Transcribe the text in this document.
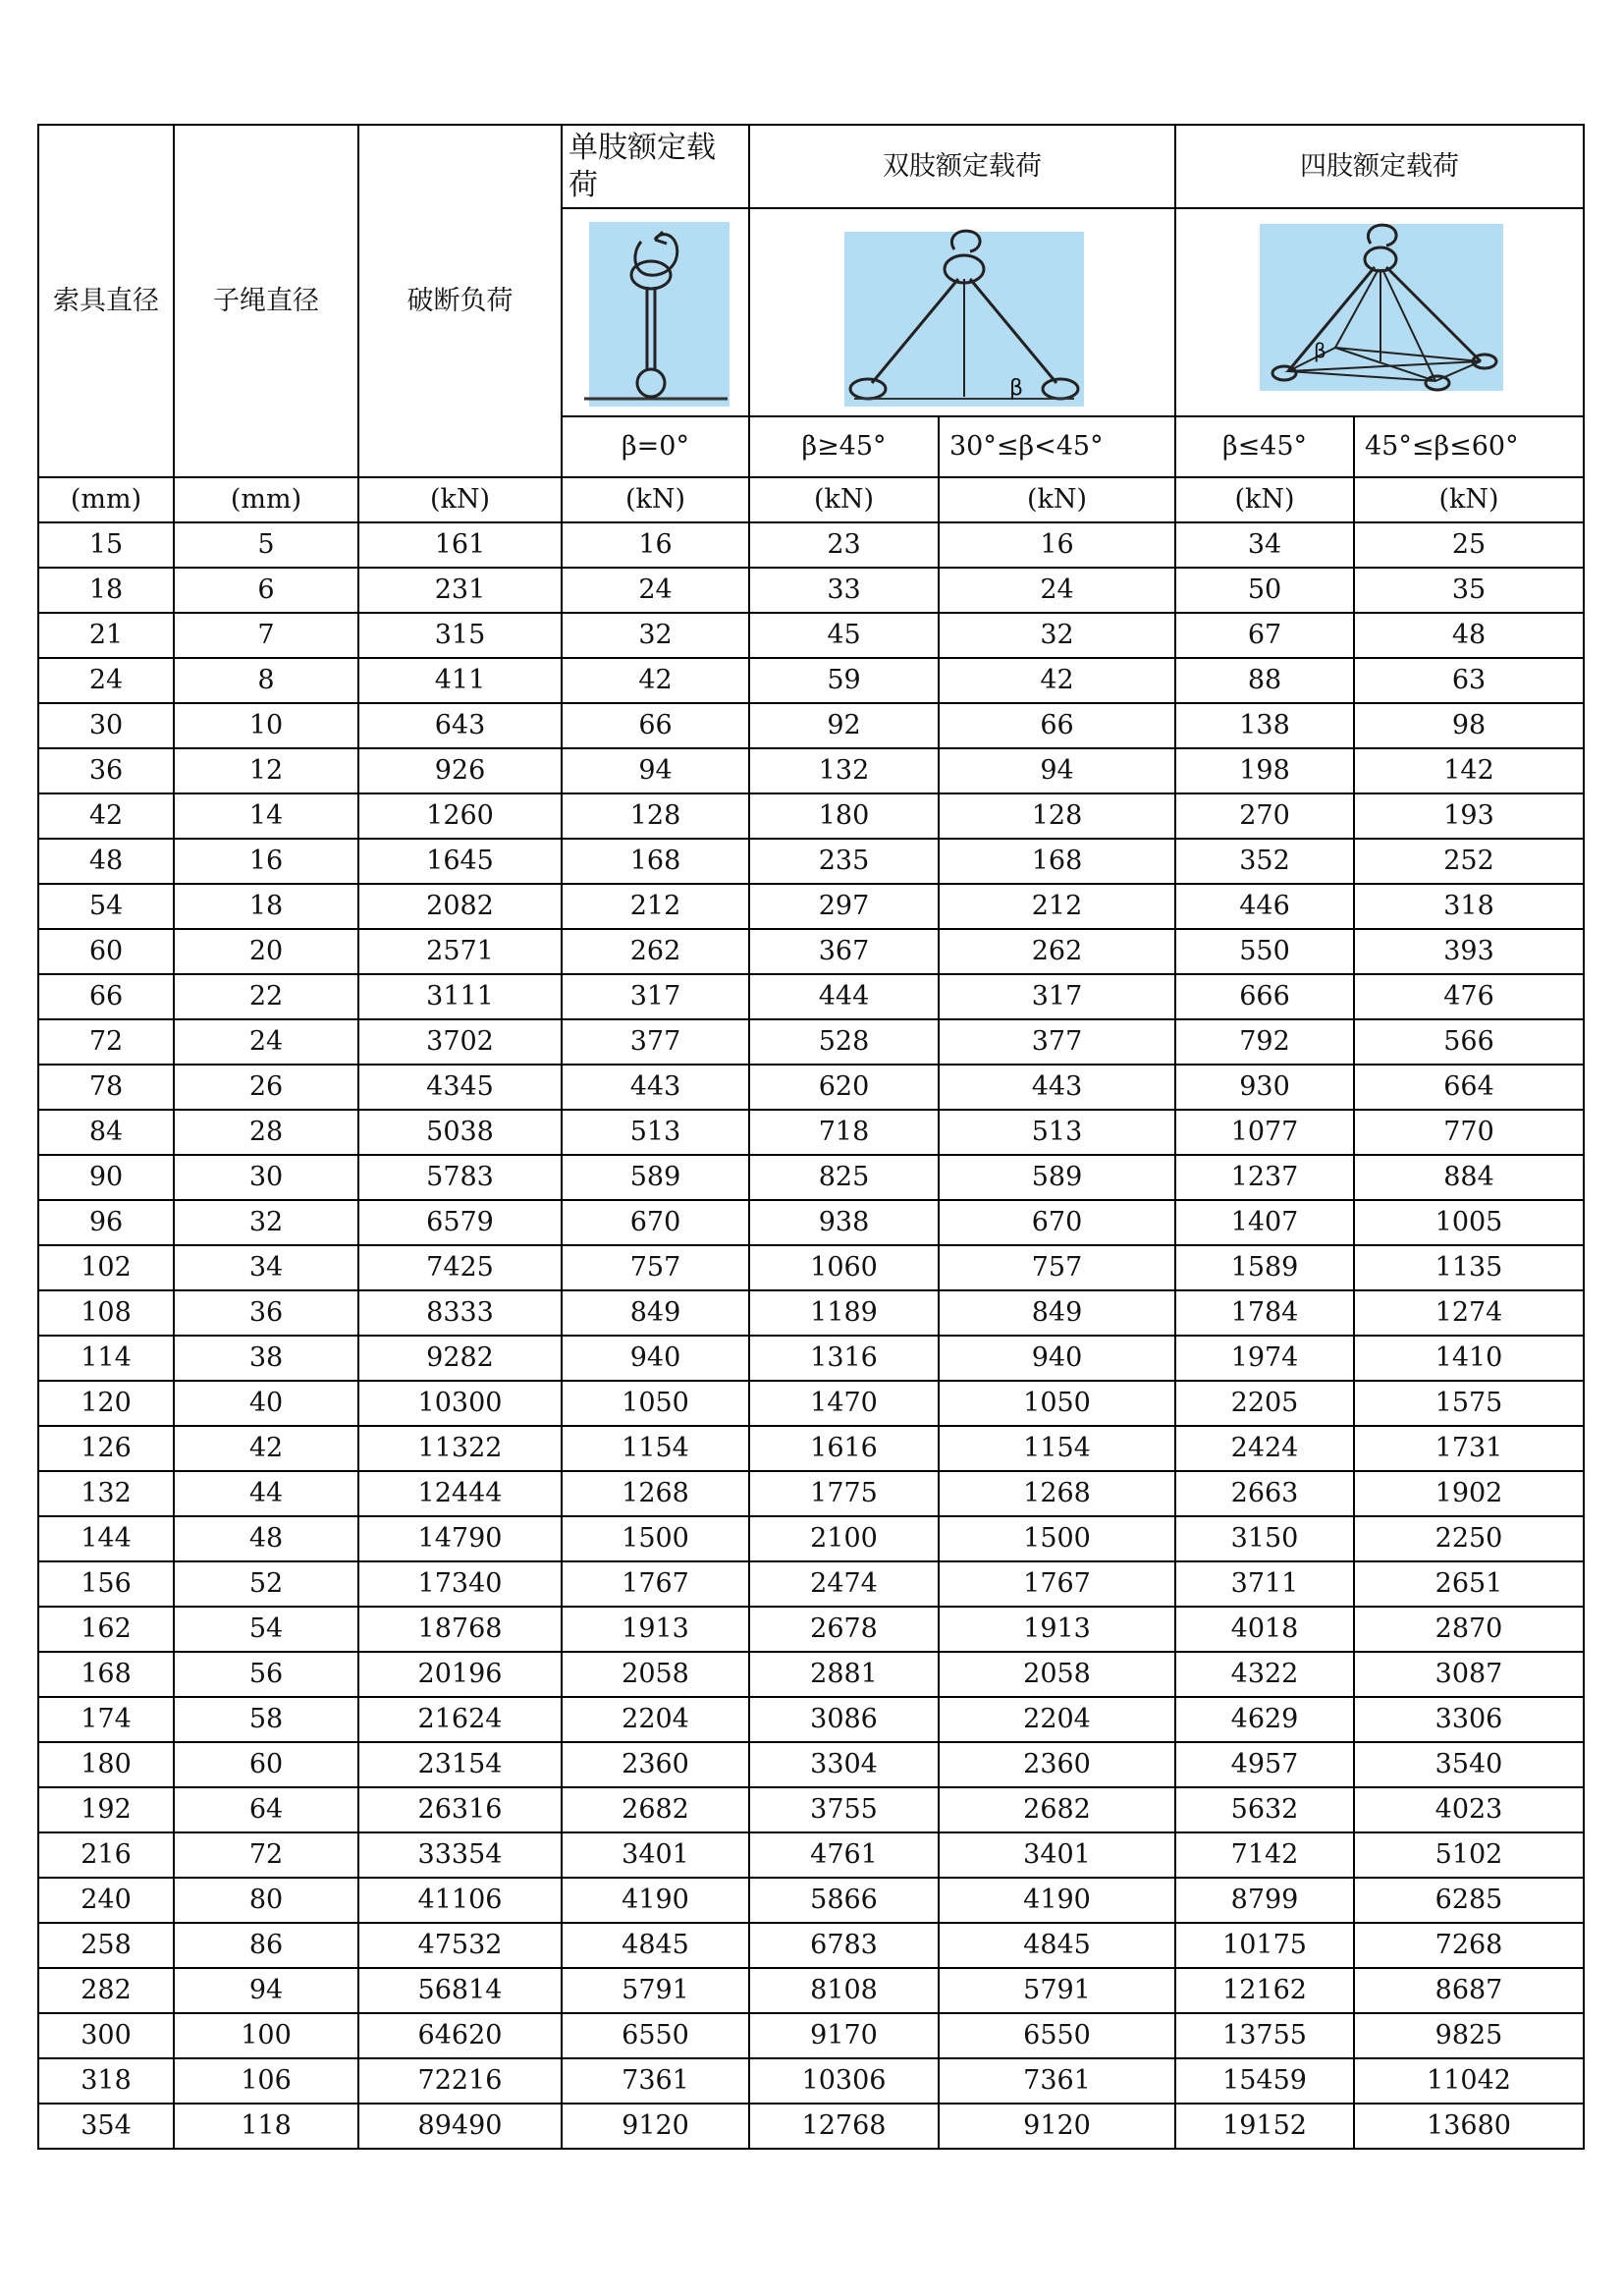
索具直径	子绳直径	破断负荷	单肢额定载荷	双肢额定载荷		四肢额定载荷	

β		β	

			β=0°	β≥45°	30°≤β<45°	β≤45°	45°≤β≤60°
(mm)	(mm)	(kN)	(kN)	(kN)	(kN)	(kN)	(kN)
15	5	161	16	23	16	34	25
18	6	231	24	33	24	50	35
21	7	315	32	45	32	67	48
24	8	411	42	59	42	88	63
30	10	643	66	92	66	138	98
36	12	926	94	132	94	198	142
42	14	1260	128	180	128	270	193
48	16	1645	168	235	168	352	252
54	18	2082	212	297	212	446	318
60	20	2571	262	367	262	550	393
66	22	3111	317	444	317	666	476
72	24	3702	377	528	377	792	566
78	26	4345	443	620	443	930	664
84	28	5038	513	718	513	1077	770
90	30	5783	589	825	589	1237	884
96	32	6579	670	938	670	1407	1005
102	34	7425	757	1060	757	1589	1135
108	36	8333	849	1189	849	1784	1274
114	38	9282	940	1316	940	1974	1410
120	40	10300	1050	1470	1050	2205	1575
126	42	11322	1154	1616	1154	2424	1731
132	44	12444	1268	1775	1268	2663	1902
144	48	14790	1500	2100	1500	3150	2250
156	52	17340	1767	2474	1767	3711	2651
162	54	18768	1913	2678	1913	4018	2870
168	56	20196	2058	2881	2058	4322	3087
174	58	21624	2204	3086	2204	4629	3306
180	60	23154	2360	3304	2360	4957	3540
192	64	26316	2682	3755	2682	5632	4023
216	72	33354	3401	4761	3401	7142	5102
240	80	41106	4190	5866	4190	8799	6285
258	86	47532	4845	6783	4845	10175	7268
282	94	56814	5791	8108	5791	12162	8687
300	100	64620	6550	9170	6550	13755	9825
318	106	72216	7361	10306	7361	15459	11042
354	118	89490	9120	12768	9120	19152	13680
